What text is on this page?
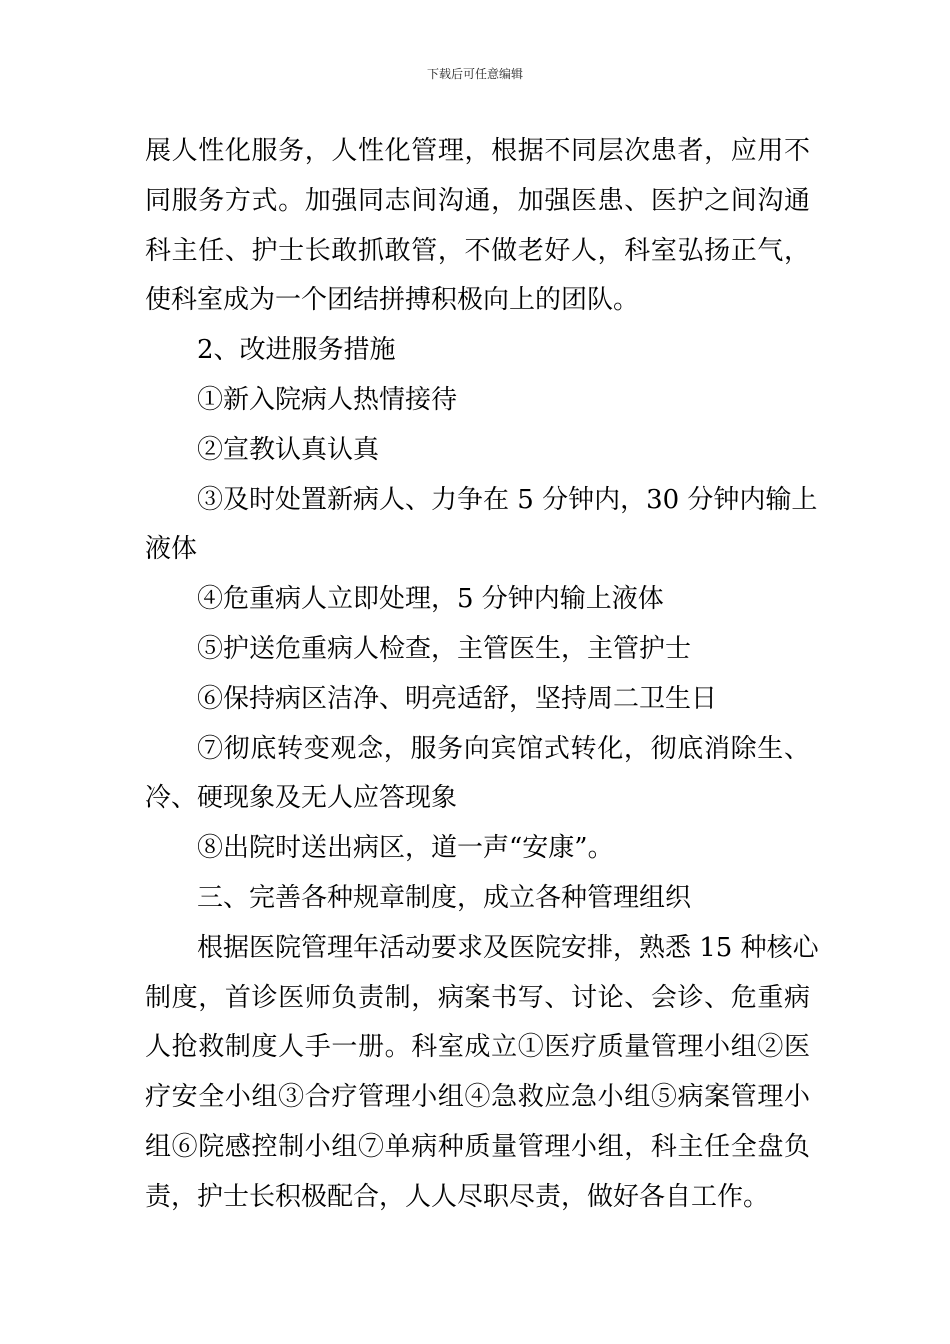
下载后可任意编辑
展人性化服务，人性化管理，根据不同层次患者，应用不
同服务方式。加强同志间沟通，加强医患、医护之间沟通
科主任、护士长敢抓敢管，不做老好人，科室弘扬正气，
使科室成为一个团结拼搏积极向上的团队。
2、改进服务措施
①新入院病人热情接待
②宣教认真认真
③及时处置新病人、力争在 5 分钟内，30 分钟内输上
液体
④危重病人立即处理，5 分钟内输上液体
⑤护送危重病人检查，主管医生，主管护士
⑥保持病区洁净、明亮适舒，坚持周二卫生日
⑦彻底转变观念，服务向宾馆式转化，彻底消除生、
冷、硬现象及无人应答现象
⑧出院时送出病区，道一声“安康”。
三、完善各种规章制度，成立各种管理组织
根据医院管理年活动要求及医院安排，熟悉 15 种核心
制度，首诊医师负责制，病案书写、讨论、会诊、危重病
人抢救制度人手一册。科室成立①医疗质量管理小组②医
疗安全小组③合疗管理小组④急救应急小组⑤病案管理小
组⑥院感控制小组⑦单病种质量管理小组，科主任全盘负
责，护士长积极配合，人人尽职尽责，做好各自工作。
